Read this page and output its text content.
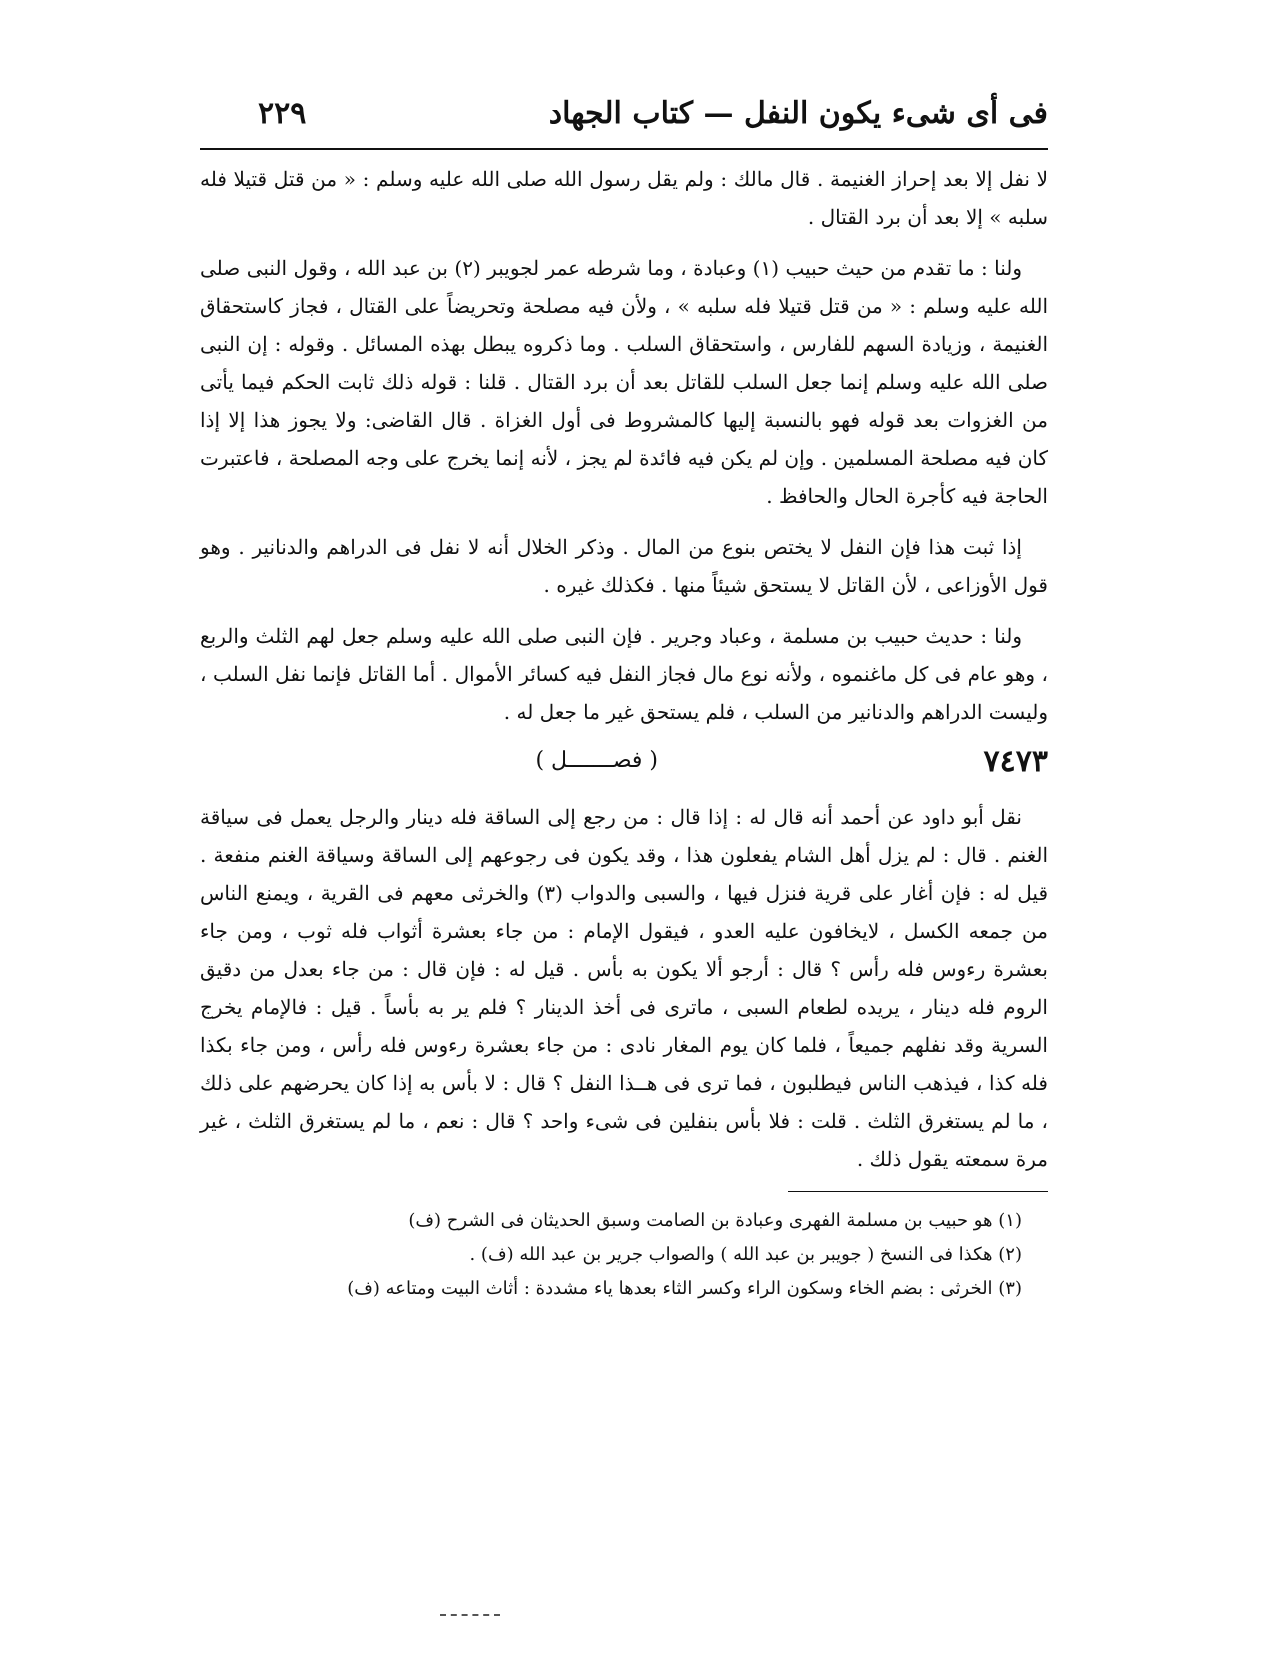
فى أى شىء يكون النفل — كتاب الجهاد
٢٢٩

لا نفل إلا بعد إحراز الغنيمة . قال مالك : ولم يقل رسول الله صلى الله عليه وسلم : « من قتل قتيلا فله سلبه » إلا بعد أن برد القتال .

ولنا : ما تقدم من حيث حبيب (١) وعبادة ، وما شرطه عمر لجويبر (٢) بن عبد الله ، وقول النبى صلى الله عليه وسلم : « من قتل قتيلا فله سلبه » ، ولأن فيه مصلحة وتحريضاً على القتال ، فجاز كاستحقاق الغنيمة ، وزيادة السهم للفارس ، واستحقاق السلب . وما ذكروه يبطل بهذه المسائل . وقوله : إن النبى صلى الله عليه وسلم إنما جعل السلب للقاتل بعد أن برد القتال . قلنا : قوله ذلك ثابت الحكم فيما يأتى من الغزوات بعد قوله فهو بالنسبة إليها كالمشروط فى أول الغزاة . قال القاضى: ولا يجوز هذا إلا إذا كان فيه مصلحة المسلمين . وإن لم يكن فيه فائدة لم يجز ، لأنه إنما يخرج على وجه المصلحة ، فاعتبرت الحاجة فيه كأجرة الحال والحافظ .

إذا ثبت هذا فإن النفل لا يختص بنوع من المال . وذكر الخلال أنه لا نفل فى الدراهم والدنانير . وهو قول الأوزاعى ، لأن القاتل لا يستحق شيئاً منها . فكذلك غيره .

ولنا : حديث حبيب بن مسلمة ، وعباد وجرير . فإن النبى صلى الله عليه وسلم جعل لهم الثلث والربع ، وهو عام فى كل ماغنموه ، ولأنه نوع مال فجاز النفل فيه كسائر الأموال . أما القاتل فإنما نفل السلب ، وليست الدراهم والدنانير من السلب ، فلم يستحق غير ما جعل له .

٧٤٧٣
( فصـــــــل )

نقل أبو داود عن أحمد أنه قال له : إذا قال : من رجع إلى الساقة فله دينار والرجل يعمل فى سياقة الغنم . قال : لم يزل أهل الشام يفعلون هذا ، وقد يكون فى رجوعهم إلى الساقة وسياقة الغنم منفعة . قيل له : فإن أغار على قرية فنزل فيها ، والسبى والدواب (٣) والخرثى معهم فى القرية ، ويمنع الناس من جمعه الكسل ، لايخافون عليه العدو ، فيقول الإمام : من جاء بعشرة أثواب فله ثوب ، ومن جاء بعشرة رءوس فله رأس ؟ قال : أرجو ألا يكون به بأس . قيل له : فإن قال : من جاء بعدل من دقيق الروم فله دينار ، يريده لطعام السبى ، ماترى فى أخذ الدينار ؟ فلم ير به بأساً . قيل : فالإمام يخرج السرية وقد نفلهم جميعاً ، فلما كان يوم المغار نادى : من جاء بعشرة رءوس فله رأس ، ومن جاء بكذا فله كذا ، فيذهب الناس فيطلبون ، فما ترى فى هــذا النفل ؟ قال : لا بأس به إذا كان يحرضهم على ذلك ، ما لم يستغرق الثلث . قلت : فلا بأس بنفلين فى شىء واحد ؟ قال : نعم ، ما لم يستغرق الثلث ، غير مرة سمعته يقول ذلك .

(١) هو حبيب بن مسلمة الفهرى وعبادة بن الصامت وسبق الحديثان فى الشرح (ف)
(٢) هكذا فى النسخ ( جويبر بن عبد الله ) والصواب جرير بن عبد الله (ف) .
(٣) الخرثى : بضم الخاء وسكون الراء وكسر الثاء بعدها ياء مشددة : أثاث البيت ومتاعه (ف)
